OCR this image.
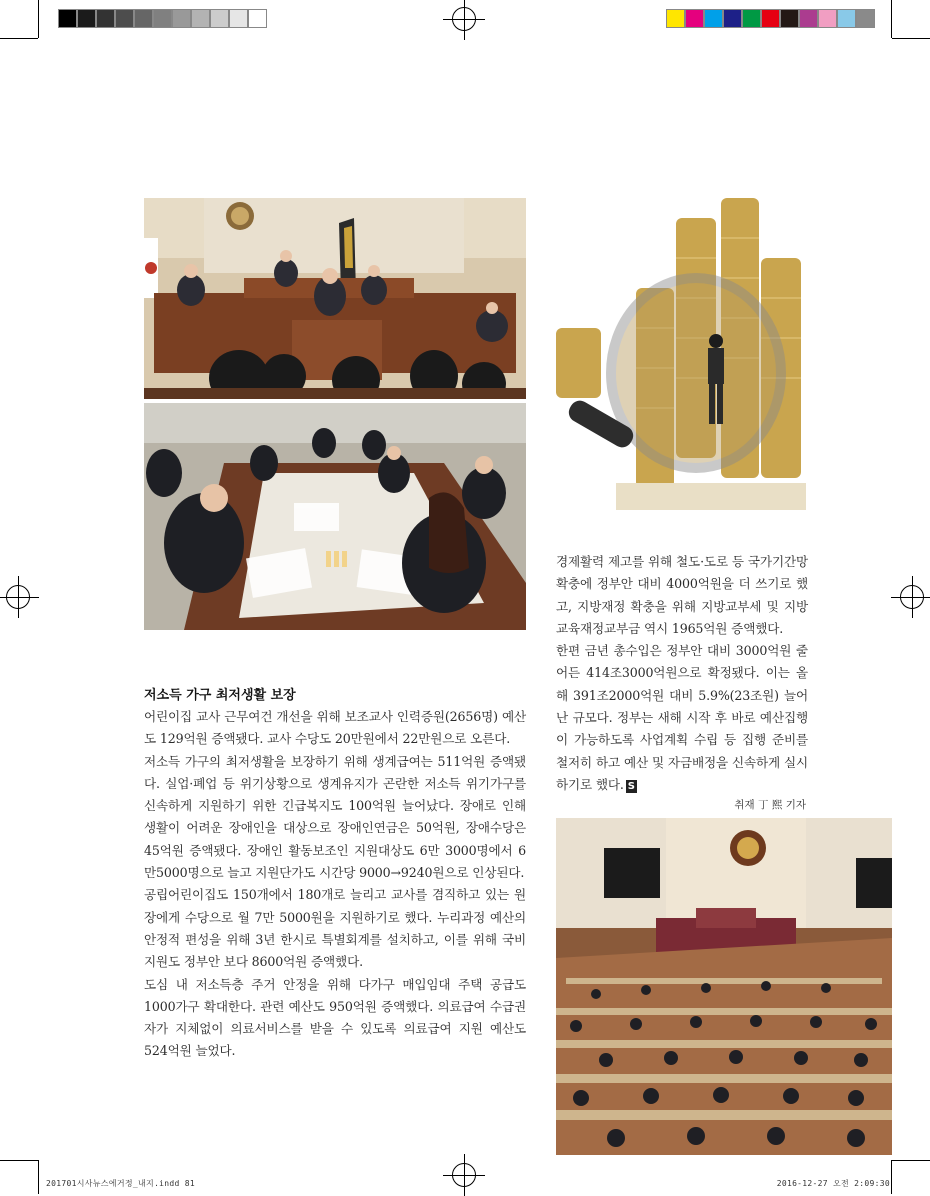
경제활력 제고를 위해 철도·도로 등 국가기간망 확충에 정부안 대비 4000억원을 더 쓰기로 했고, 지방재정 확충을 위해 지방교부세 및 지방교육재정교부금 역시 1965억원 증액했다.

한편 금년 총수입은 정부안 대비 3000억원 줄어든 414조3000억원으로 확정됐다. 이는 올해 391조2000억원 대비 5.9%(23조원) 늘어난 규모다. 정부는 새해 시작 후 바로 예산집행이 가능하도록 사업계획 수립 등 집행 준비를 철저히 하고 예산 및 자금배정을 신속하게 실시하기로 했다. S

취재 丁 熙 기자
저소득 가구 최저생활 보장

어린이집 교사 근무여건 개선을 위해 보조교사 인력증원(2656명) 예산도 129억원 증액됐다. 교사 수당도 20만원에서 22만원으로 오른다.

저소득 가구의 최저생활을 보장하기 위해 생계급여는 511억원 증액됐다. 실업·폐업 등 위기상황으로 생계유지가 곤란한 저소득 위기가구를 신속하게 지원하기 위한 긴급복지도 100억원 늘어났다. 장애로 인해 생활이 어려운 장애인을 대상으로 장애인연금은 50억원, 장애수당은 45억원 증액됐다. 장애인 활동보조인 지원대상도 6만 3000명에서 6만5000명으로 늘고 지원단가도 시간당 9000→9240원으로 인상된다.

공립어린이집도 150개에서 180개로 늘리고 교사를 겸직하고 있는 원장에게 수당으로 월 7만 5000원을 지원하기로 했다. 누리과정 예산의 안정적 편성을 위해 3년 한시로 특별회계를 설치하고, 이를 위해 국비 지원도 정부안 보다 8600억원 증액했다.

도심 내 저소득층 주거 안정을 위해 다가구 매입임대 주택 공급도 1000가구 확대한다. 관련 예산도 950억원 증액했다. 의료급여 수급권자가 지체없이 의료서비스를 받을 수 있도록 의료급여 지원 예산도 524억원 늘었다.

201701시사뉴스에거정_내지.indd 81	2016-12-27 오전 2:09:30
